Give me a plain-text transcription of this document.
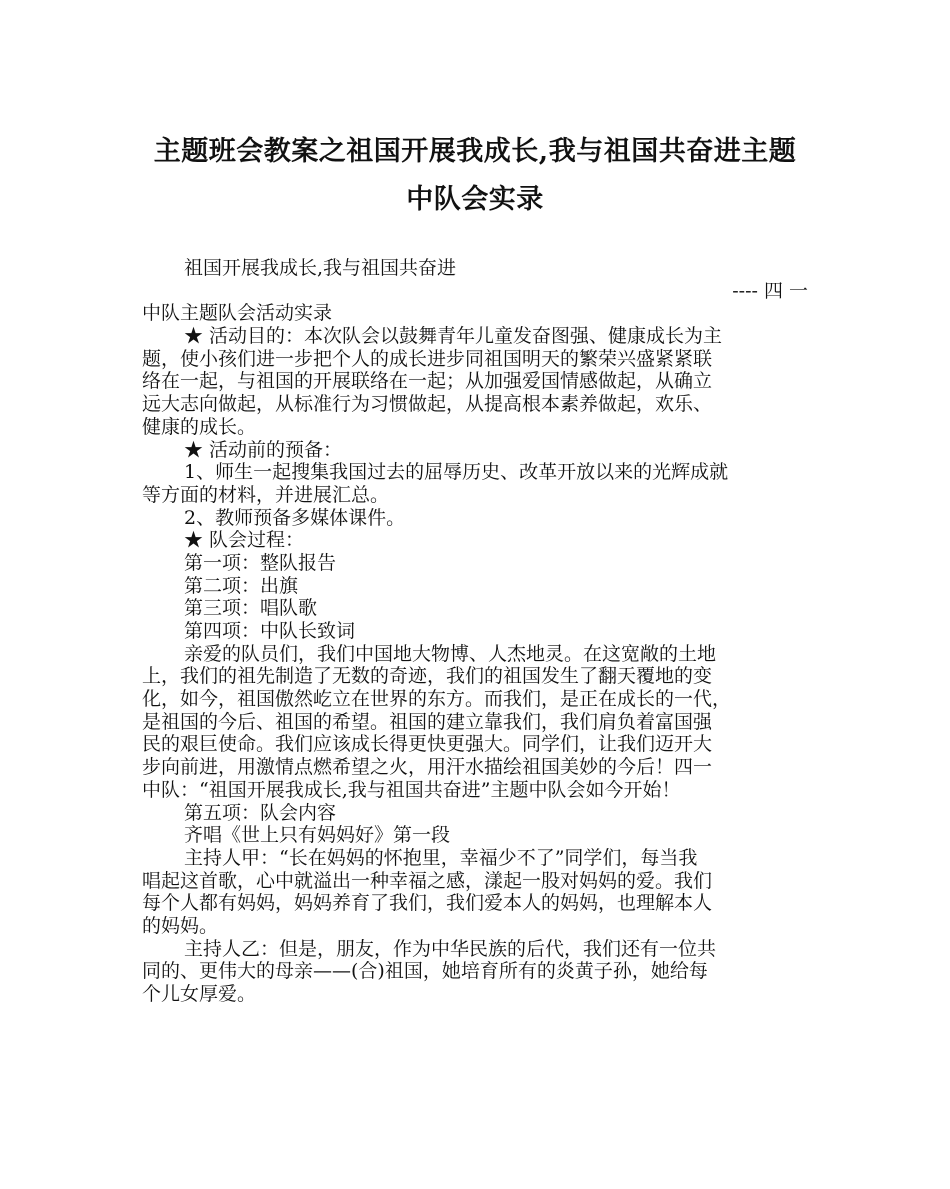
主题班会教案之祖国开展我成长,我与祖国共奋进主题
中队会实录
祖国开展我成长,我与祖国共奋进
---- 四 一
中队主题队会活动实录
★ 活动目的：本次队会以鼓舞青年儿童发奋图强、健康成长为主
题，使小孩们进一步把个人的成长进步同祖国明天的繁荣兴盛紧紧联
络在一起，与祖国的开展联络在一起；从加强爱国情感做起，从确立
远大志向做起，从标准行为习惯做起，从提高根本素养做起，欢乐、
健康的成长。
★ 活动前的预备：
1、师生一起搜集我国过去的屈辱历史、改革开放以来的光辉成就
等方面的材料，并进展汇总。
2、教师预备多媒体课件。
★ 队会过程：
第一项：整队报告
第二项：出旗
第三项：唱队歌
第四项：中队长致词
亲爱的队员们，我们中国地大物博、人杰地灵。在这宽敞的土地
上，我们的祖先制造了无数的奇迹，我们的祖国发生了翻天覆地的变
化，如今，祖国傲然屹立在世界的东方。而我们，是正在成长的一代，
是祖国的今后、祖国的希望。祖国的建立靠我们，我们肩负着富国强
民的艰巨使命。我们应该成长得更快更强大。同学们，让我们迈开大
步向前进，用激情点燃希望之火，用汗水描绘祖国美妙的今后！四一
中队：“祖国开展我成长,我与祖国共奋进”主题中队会如今开始！
第五项：队会内容
齐唱《世上只有妈妈好》第一段
主持人甲：“长在妈妈的怀抱里，幸福少不了”同学们，每当我
唱起这首歌，心中就溢出一种幸福之感，漾起一股对妈妈的爱。我们
每个人都有妈妈，妈妈养育了我们，我们爱本人的妈妈，也理解本人
的妈妈。
主持人乙：但是，朋友，作为中华民族的后代，我们还有一位共
同的、更伟大的母亲——(合)祖国，她培育所有的炎黄子孙，她给每
个儿女厚爱。
